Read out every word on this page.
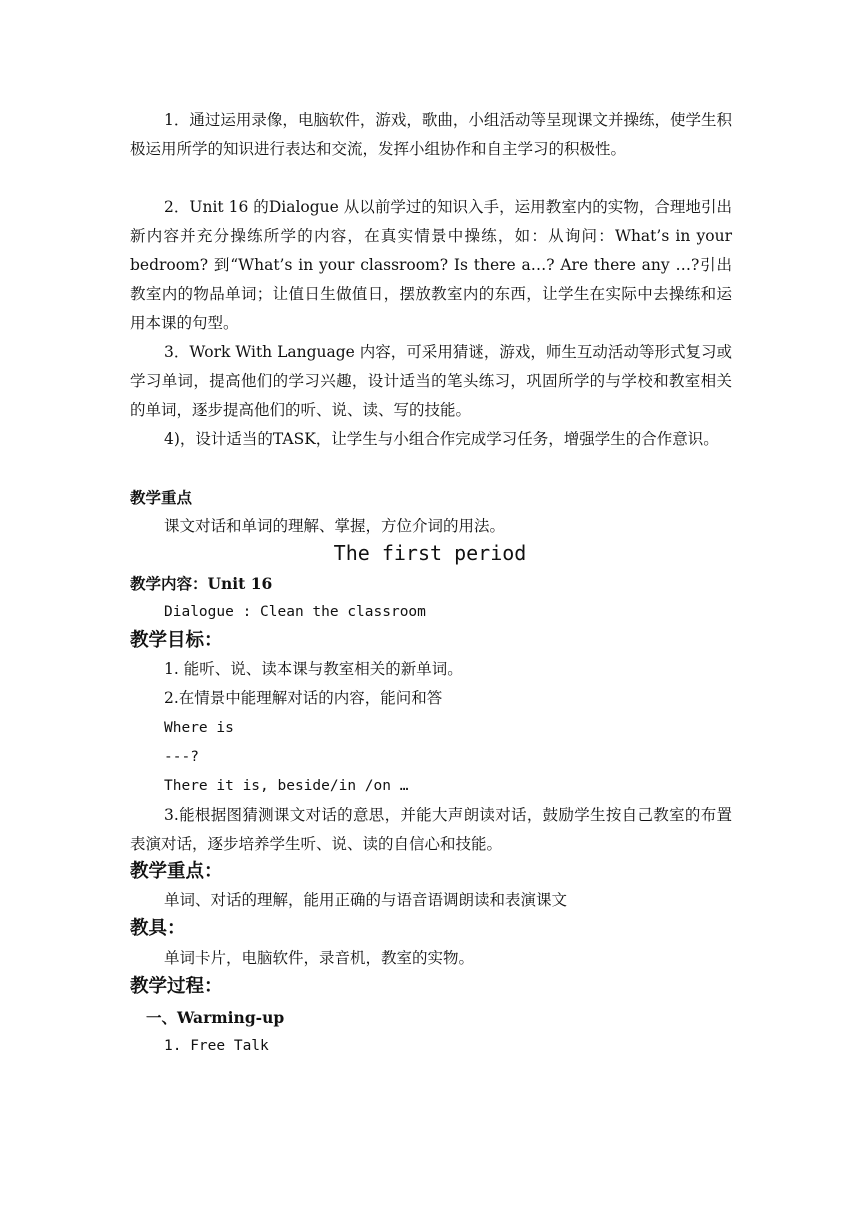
1．通过运用录像，电脑软件，游戏，歌曲，小组活动等呈现课文并操练，使学生积极运用所学的知识进行表达和交流，发挥小组协作和自主学习的积极性。

2．Unit 16 的Dialogue 从以前学过的知识入手，运用教室内的实物，合理地引出新内容并充分操练所学的内容，在真实情景中操练，如：从询问：What’s in your bedroom? 到“What’s in your classroom? Is there a…? Are there any …?引出教室内的物品单词；让值日生做值日，摆放教室内的东西，让学生在实际中去操练和运用本课的句型。

3．Work With Language 内容，可采用猜谜，游戏，师生互动活动等形式复习或学习单词，提高他们的学习兴趣，设计适当的笔头练习，巩固所学的与学校和教室相关的单词，逐步提高他们的听、说、读、写的技能。

4)，设计适当的TASK，让学生与小组合作完成学习任务，增强学生的合作意识。

教学重点

课文对话和单词的理解、掌握，方位介词的用法。

The first period

教学内容：Unit 16

Dialogue : Clean the classroom

教学目标：

1. 能听、说、读本课与教室相关的新单词。

2.在情景中能理解对话的内容，能问和答

Where is

---?

There it is, beside/in /on …

3.能根据图猜测课文对话的意思，并能大声朗读对话，鼓励学生按自己教室的布置表演对话，逐步培养学生听、说、读的自信心和技能。

教学重点：

单词、对话的理解，能用正确的与语音语调朗读和表演课文

教具：

单词卡片，电脑软件，录音机，教室的实物。

教学过程：

一、Warming-up

1. Free Talk
